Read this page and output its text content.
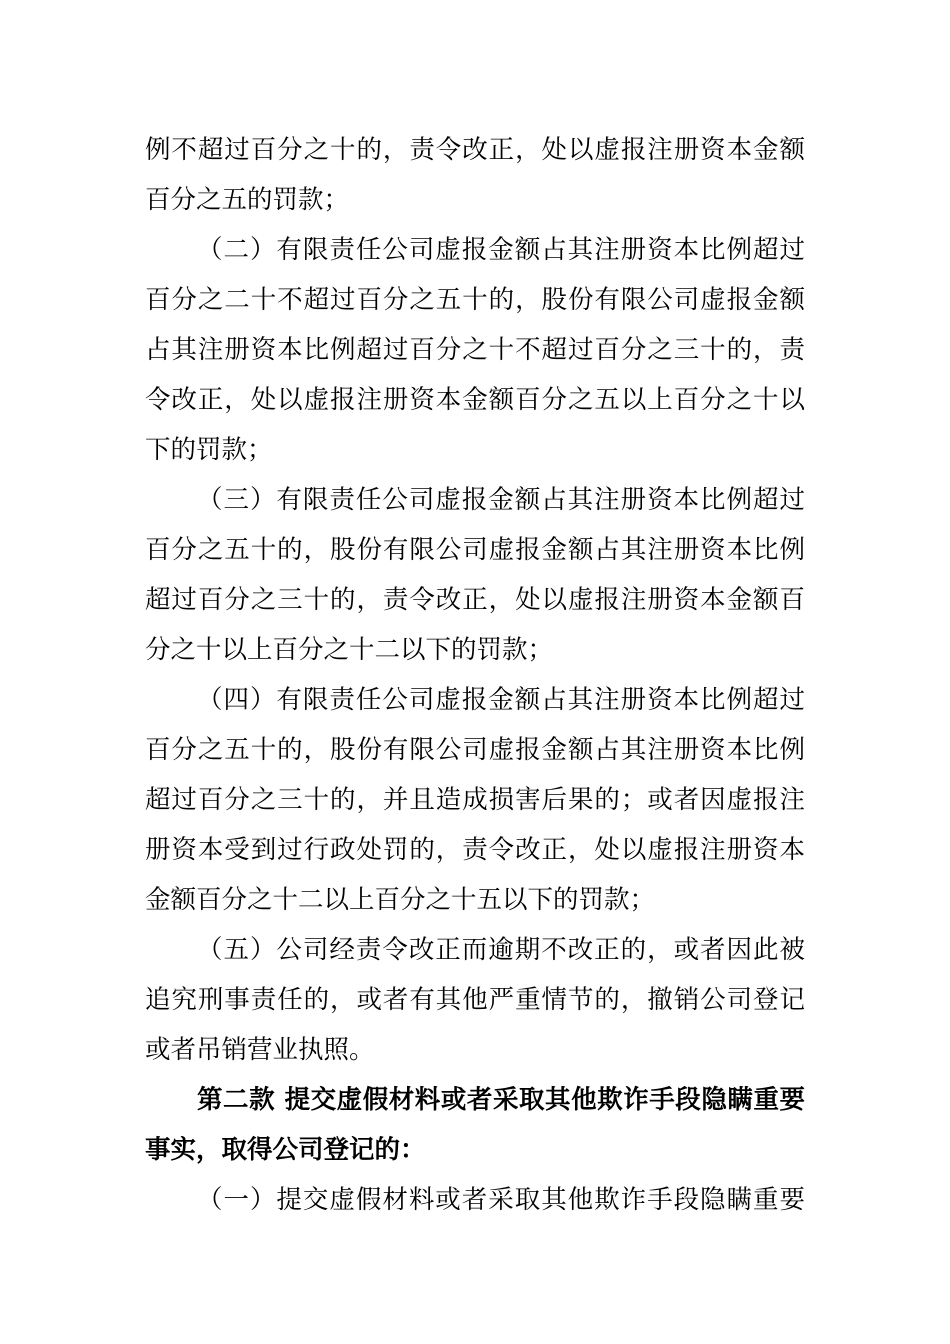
例不超过百分之十的，责令改正，处以虚报注册资本金额
百分之五的罚款；
（二）有限责任公司虚报金额占其注册资本比例超过
百分之二十不超过百分之五十的，股份有限公司虚报金额
占其注册资本比例超过百分之十不超过百分之三十的，责
令改正，处以虚报注册资本金额百分之五以上百分之十以
下的罚款；
（三）有限责任公司虚报金额占其注册资本比例超过
百分之五十的，股份有限公司虚报金额占其注册资本比例
超过百分之三十的，责令改正，处以虚报注册资本金额百
分之十以上百分之十二以下的罚款；
（四）有限责任公司虚报金额占其注册资本比例超过
百分之五十的，股份有限公司虚报金额占其注册资本比例
超过百分之三十的，并且造成损害后果的；或者因虚报注
册资本受到过行政处罚的，责令改正，处以虚报注册资本
金额百分之十二以上百分之十五以下的罚款；
（五）公司经责令改正而逾期不改正的，或者因此被
追究刑事责任的，或者有其他严重情节的，撤销公司登记
或者吊销营业执照。
第二款 提交虚假材料或者采取其他欺诈手段隐瞒重要
事实，取得公司登记的：
（一）提交虚假材料或者采取其他欺诈手段隐瞒重要
